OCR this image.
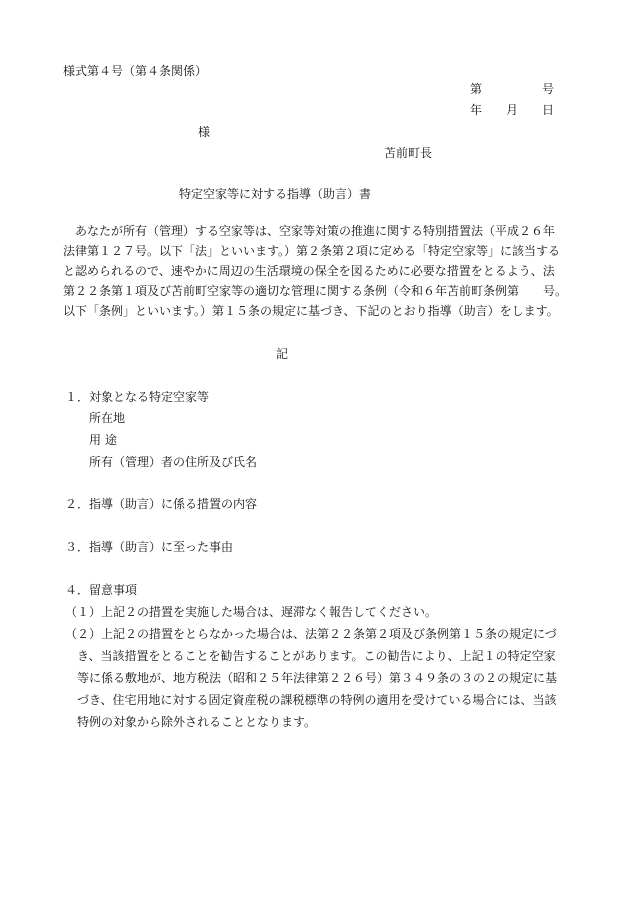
様式第４号（第４条関係）
第	号
年 月 日
様
苫前町長
特定空家等に対する指導（助言）書
　あなたが所有（管理）する空家等は、空家等対策の推進に関する特別措置法（平成２６年
法律第１２７号。以下「法」といいます。）第２条第２項に定める「特定空家等」に該当する
と認められるので、速やかに周辺の生活環境の保全を図るために必要な措置をとるよう、法
第２２条第１項及び苫前町空家等の適切な管理に関する条例（令和６年苫前町条例第　　号。
以下「条例」といいます。）第１５条の規定に基づき、下記のとおり指導（助言）をします。
記
１．対象となる特定空家等
所在地
用 途
所有（管理）者の住所及び氏名
２．指導（助言）に係る措置の内容
３．指導（助言）に至った事由
４．留意事項
（１）上記２の措置を実施した場合は、遅滞なく報告してください。
（２）上記２の措置をとらなかった場合は、法第２２条第２項及び条例第１５条の規定にづ
き、当該措置をとることを勧告することがあります。この勧告により、上記１の特定空家
等に係る敷地が、地方税法（昭和２５年法律第２２６号）第３４９条の３の２の規定に基
づき、住宅用地に対する固定資産税の課税標準の特例の適用を受けている場合には、当該
特例の対象から除外されることとなります。
